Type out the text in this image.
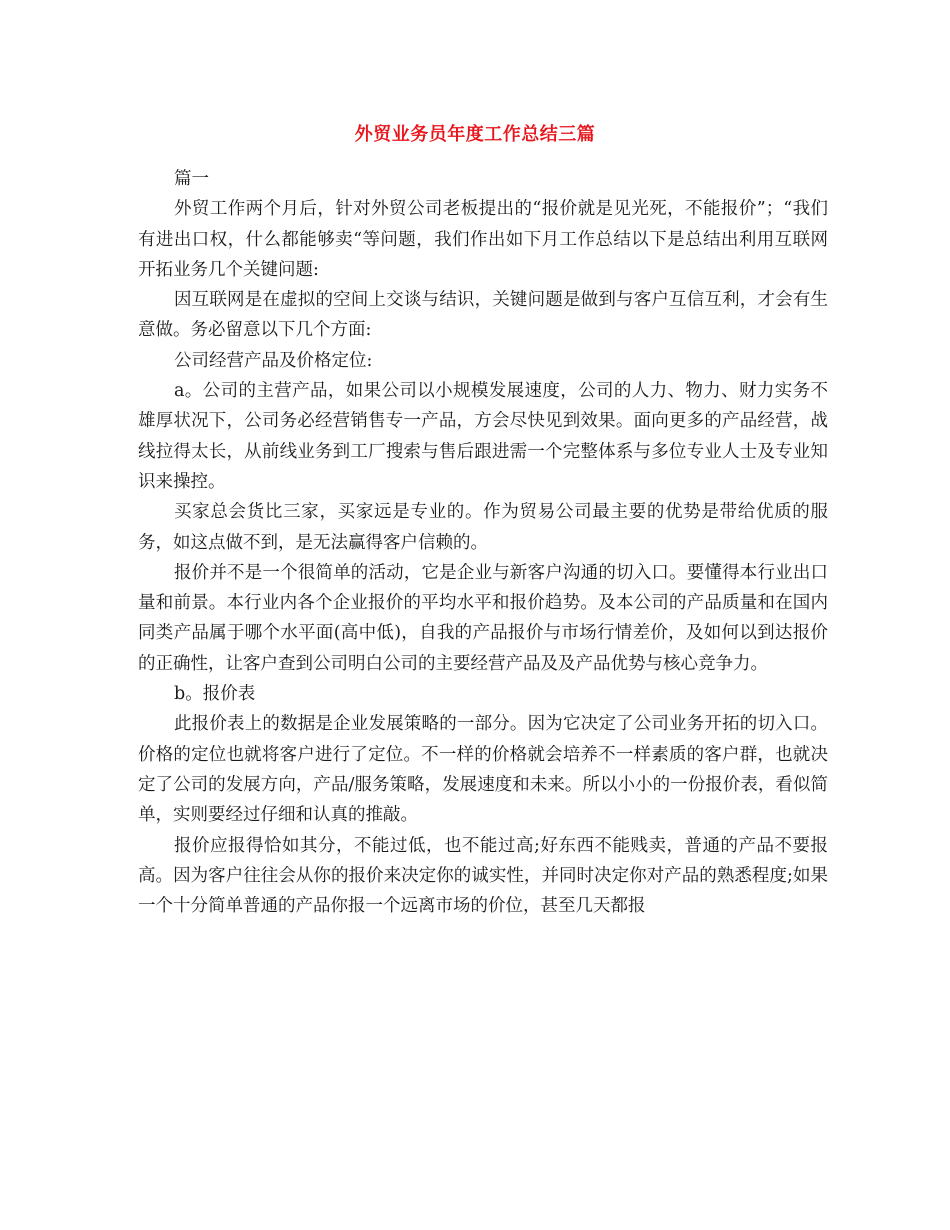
外贸业务员年度工作总结三篇

篇一

外贸工作两个月后，针对外贸公司老板提出的“报价就是见光死，不能报价”；“我们有进出口权，什么都能够卖“等问题，我们作出如下月工作总结以下是总结出利用互联网开拓业务几个关键问题:

因互联网是在虚拟的空间上交谈与结识，关键问题是做到与客户互信互利，才会有生意做。务必留意以下几个方面:

公司经营产品及价格定位:

a。公司的主营产品，如果公司以小规模发展速度，公司的人力、物力、财力实务不雄厚状况下，公司务必经营销售专一产品，方会尽快见到效果。面向更多的产品经营，战线拉得太长，从前线业务到工厂搜索与售后跟进需一个完整体系与多位专业人士及专业知识来操控。

买家总会货比三家，买家远是专业的。作为贸易公司最主要的优势是带给优质的服务，如这点做不到，是无法赢得客户信赖的。

报价并不是一个很简单的活动，它是企业与新客户沟通的切入口。要懂得本行业出口量和前景。本行业内各个企业报价的平均水平和报价趋势。及本公司的产品质量和在国内同类产品属于哪个水平面(高中低)，自我的产品报价与市场行情差价，及如何以到达报价的正确性，让客户查到公司明白公司的主要经营产品及及产品优势与核心竞争力。

b。报价表

此报价表上的数据是企业发展策略的一部分。因为它决定了公司业务开拓的切入口。价格的定位也就将客户进行了定位。不一样的价格就会培养不一样素质的客户群，也就决定了公司的发展方向，产品/服务策略，发展速度和未来。所以小小的一份报价表，看似简单，实则要经过仔细和认真的推敲。

报价应报得恰如其分，不能过低，也不能过高;好东西不能贱卖，普通的产品不要报高。因为客户往往会从你的报价来决定你的诚实性，并同时决定你对产品的熟悉程度;如果一个十分简单普通的产品你报一个远离市场的价位，甚至几天都报
